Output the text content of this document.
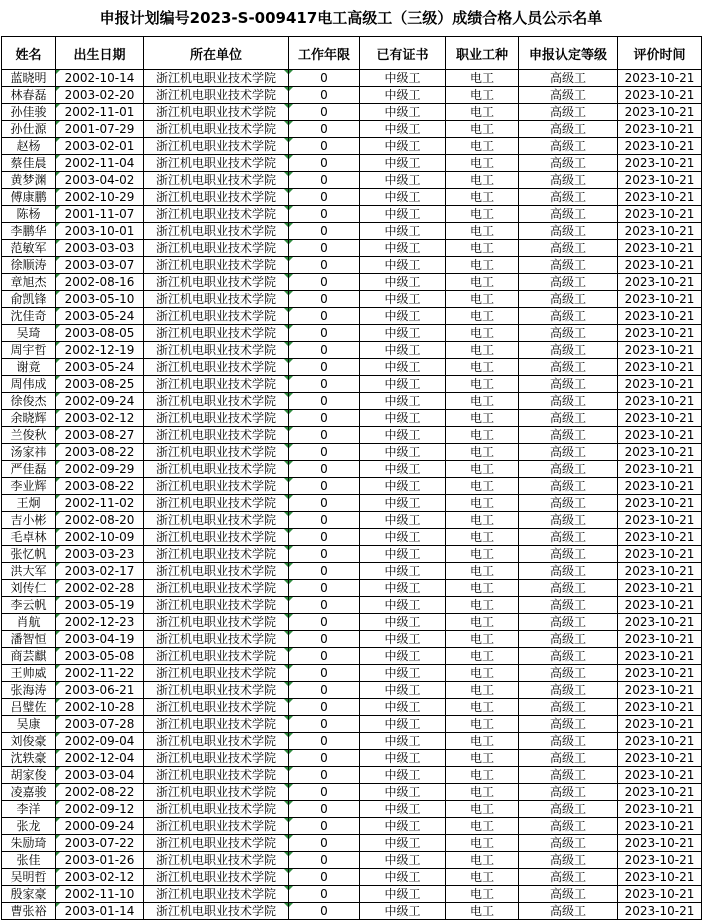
申报计划编号2023-S-009417电工高级工（三级）成绩合格人员公示名单
姓名	出生日期	所在单位	工作年限	已有证书	职业工种	申报认定等级	评价时间
蓝晓明	2002-10-14	浙江机电职业技术学院	0	中级工	电工	高级工	2023-10-21
林春磊	2003-02-20	浙江机电职业技术学院	0	中级工	电工	高级工	2023-10-21
孙佳骏	2002-11-01	浙江机电职业技术学院	0	中级工	电工	高级工	2023-10-21
孙仕源	2001-07-29	浙江机电职业技术学院	0	中级工	电工	高级工	2023-10-21
赵杨	2003-02-01	浙江机电职业技术学院	0	中级工	电工	高级工	2023-10-21
蔡佳晨	2002-11-04	浙江机电职业技术学院	0	中级工	电工	高级工	2023-10-21
黄梦渊	2003-04-02	浙江机电职业技术学院	0	中级工	电工	高级工	2023-10-21
傅康鹏	2002-10-29	浙江机电职业技术学院	0	中级工	电工	高级工	2023-10-21
陈杨	2001-11-07	浙江机电职业技术学院	0	中级工	电工	高级工	2023-10-21
李鹏华	2003-10-01	浙江机电职业技术学院	0	中级工	电工	高级工	2023-10-21
范敏军	2003-03-03	浙江机电职业技术学院	0	中级工	电工	高级工	2023-10-21
徐顺涛	2003-03-07	浙江机电职业技术学院	0	中级工	电工	高级工	2023-10-21
章旭杰	2002-08-16	浙江机电职业技术学院	0	中级工	电工	高级工	2023-10-21
俞凯锋	2003-05-10	浙江机电职业技术学院	0	中级工	电工	高级工	2023-10-21
沈佳奇	2003-05-24	浙江机电职业技术学院	0	中级工	电工	高级工	2023-10-21
吴琦	2003-08-05	浙江机电职业技术学院	0	中级工	电工	高级工	2023-10-21
周宇哲	2002-12-19	浙江机电职业技术学院	0	中级工	电工	高级工	2023-10-21
谢竟	2003-05-24	浙江机电职业技术学院	0	中级工	电工	高级工	2023-10-21
周伟成	2003-08-25	浙江机电职业技术学院	0	中级工	电工	高级工	2023-10-21
徐俊杰	2002-09-24	浙江机电职业技术学院	0	中级工	电工	高级工	2023-10-21
余晓辉	2003-02-12	浙江机电职业技术学院	0	中级工	电工	高级工	2023-10-21
兰俊秋	2003-08-27	浙江机电职业技术学院	0	中级工	电工	高级工	2023-10-21
汤家祎	2003-08-22	浙江机电职业技术学院	0	中级工	电工	高级工	2023-10-21
严佳磊	2002-09-29	浙江机电职业技术学院	0	中级工	电工	高级工	2023-10-21
李业辉	2003-08-22	浙江机电职业技术学院	0	中级工	电工	高级工	2023-10-21
王炯	2002-11-02	浙江机电职业技术学院	0	中级工	电工	高级工	2023-10-21
吉小彬	2002-08-20	浙江机电职业技术学院	0	中级工	电工	高级工	2023-10-21
毛卓林	2002-10-09	浙江机电职业技术学院	0	中级工	电工	高级工	2023-10-21
张忆帆	2003-03-23	浙江机电职业技术学院	0	中级工	电工	高级工	2023-10-21
洪大军	2003-02-17	浙江机电职业技术学院	0	中级工	电工	高级工	2023-10-21
刘传仁	2002-02-28	浙江机电职业技术学院	0	中级工	电工	高级工	2023-10-21
李云帆	2003-05-19	浙江机电职业技术学院	0	中级工	电工	高级工	2023-10-21
肖航	2002-12-23	浙江机电职业技术学院	0	中级工	电工	高级工	2023-10-21
潘智恒	2003-04-19	浙江机电职业技术学院	0	中级工	电工	高级工	2023-10-21
商芸麒	2003-05-08	浙江机电职业技术学院	0	中级工	电工	高级工	2023-10-21
王帅威	2002-11-22	浙江机电职业技术学院	0	中级工	电工	高级工	2023-10-21
张海涛	2003-06-21	浙江机电职业技术学院	0	中级工	电工	高级工	2023-10-21
吕璧佐	2002-10-28	浙江机电职业技术学院	0	中级工	电工	高级工	2023-10-21
吴康	2003-07-28	浙江机电职业技术学院	0	中级工	电工	高级工	2023-10-21
刘俊豪	2002-09-04	浙江机电职业技术学院	0	中级工	电工	高级工	2023-10-21
沈轶豪	2002-12-04	浙江机电职业技术学院	0	中级工	电工	高级工	2023-10-21
胡家俊	2003-03-04	浙江机电职业技术学院	0	中级工	电工	高级工	2023-10-21
凌嘉骏	2002-08-22	浙江机电职业技术学院	0	中级工	电工	高级工	2023-10-21
李洋	2002-09-12	浙江机电职业技术学院	0	中级工	电工	高级工	2023-10-21
张龙	2000-09-24	浙江机电职业技术学院	0	中级工	电工	高级工	2023-10-21
朱励琦	2003-07-22	浙江机电职业技术学院	0	中级工	电工	高级工	2023-10-21
张佳	2003-01-26	浙江机电职业技术学院	0	中级工	电工	高级工	2023-10-21
吴明哲	2003-02-12	浙江机电职业技术学院	0	中级工	电工	高级工	2023-10-21
殷家豪	2002-11-10	浙江机电职业技术学院	0	中级工	电工	高级工	2023-10-21
曹张裕	2003-01-14	浙江机电职业技术学院	0	中级工	电工	高级工	2023-10-21
